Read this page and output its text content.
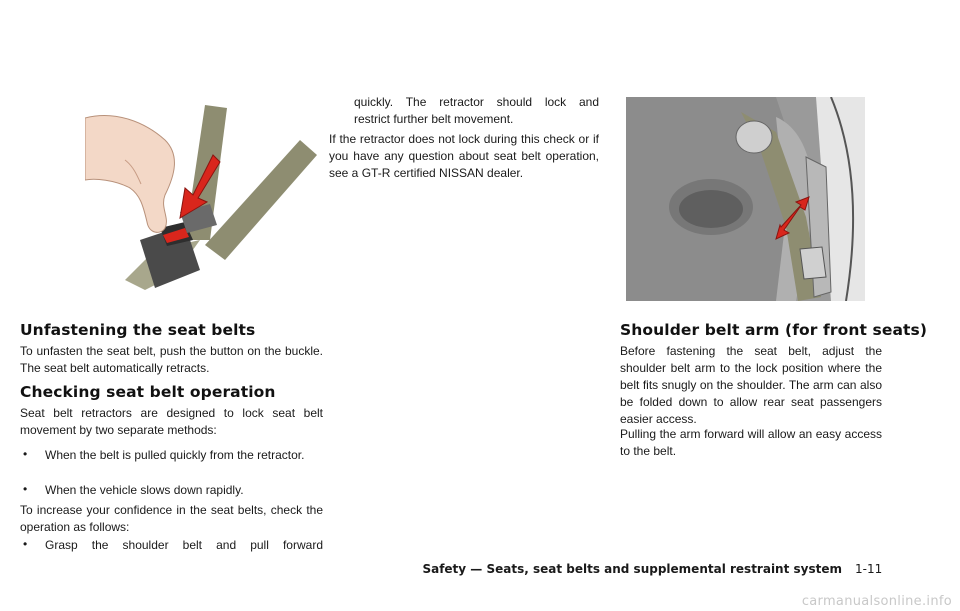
Unfastening the seat belts

To unfasten the seat belt, push the button on the buckle. The seat belt automatically retracts.

Checking seat belt operation

Seat belt retractors are designed to lock seat belt movement by two separate methods:

• When the belt is pulled quickly from the retractor.

• When the vehicle slows down rapidly.

To increase your confidence in the seat belts, check the operation as follows:

• Grasp the shoulder belt and pull forward

quickly. The retractor should lock and

restrict further belt movement.

If the retractor does not lock during this check or if you have any question about seat belt operation, see a GT-R certified NISSAN dealer.

Shoulder belt arm (for front seats)

Before fastening the seat belt, adjust the shoulder belt arm to the lock position where the belt fits snugly on the shoulder. The arm can also be folded down to allow rear seat passengers easier access.

Pulling the arm forward will allow an easy access to the belt.

Safety — Seats, seat belts and supplemental restraint system 1-11
carmanualsonline.info
